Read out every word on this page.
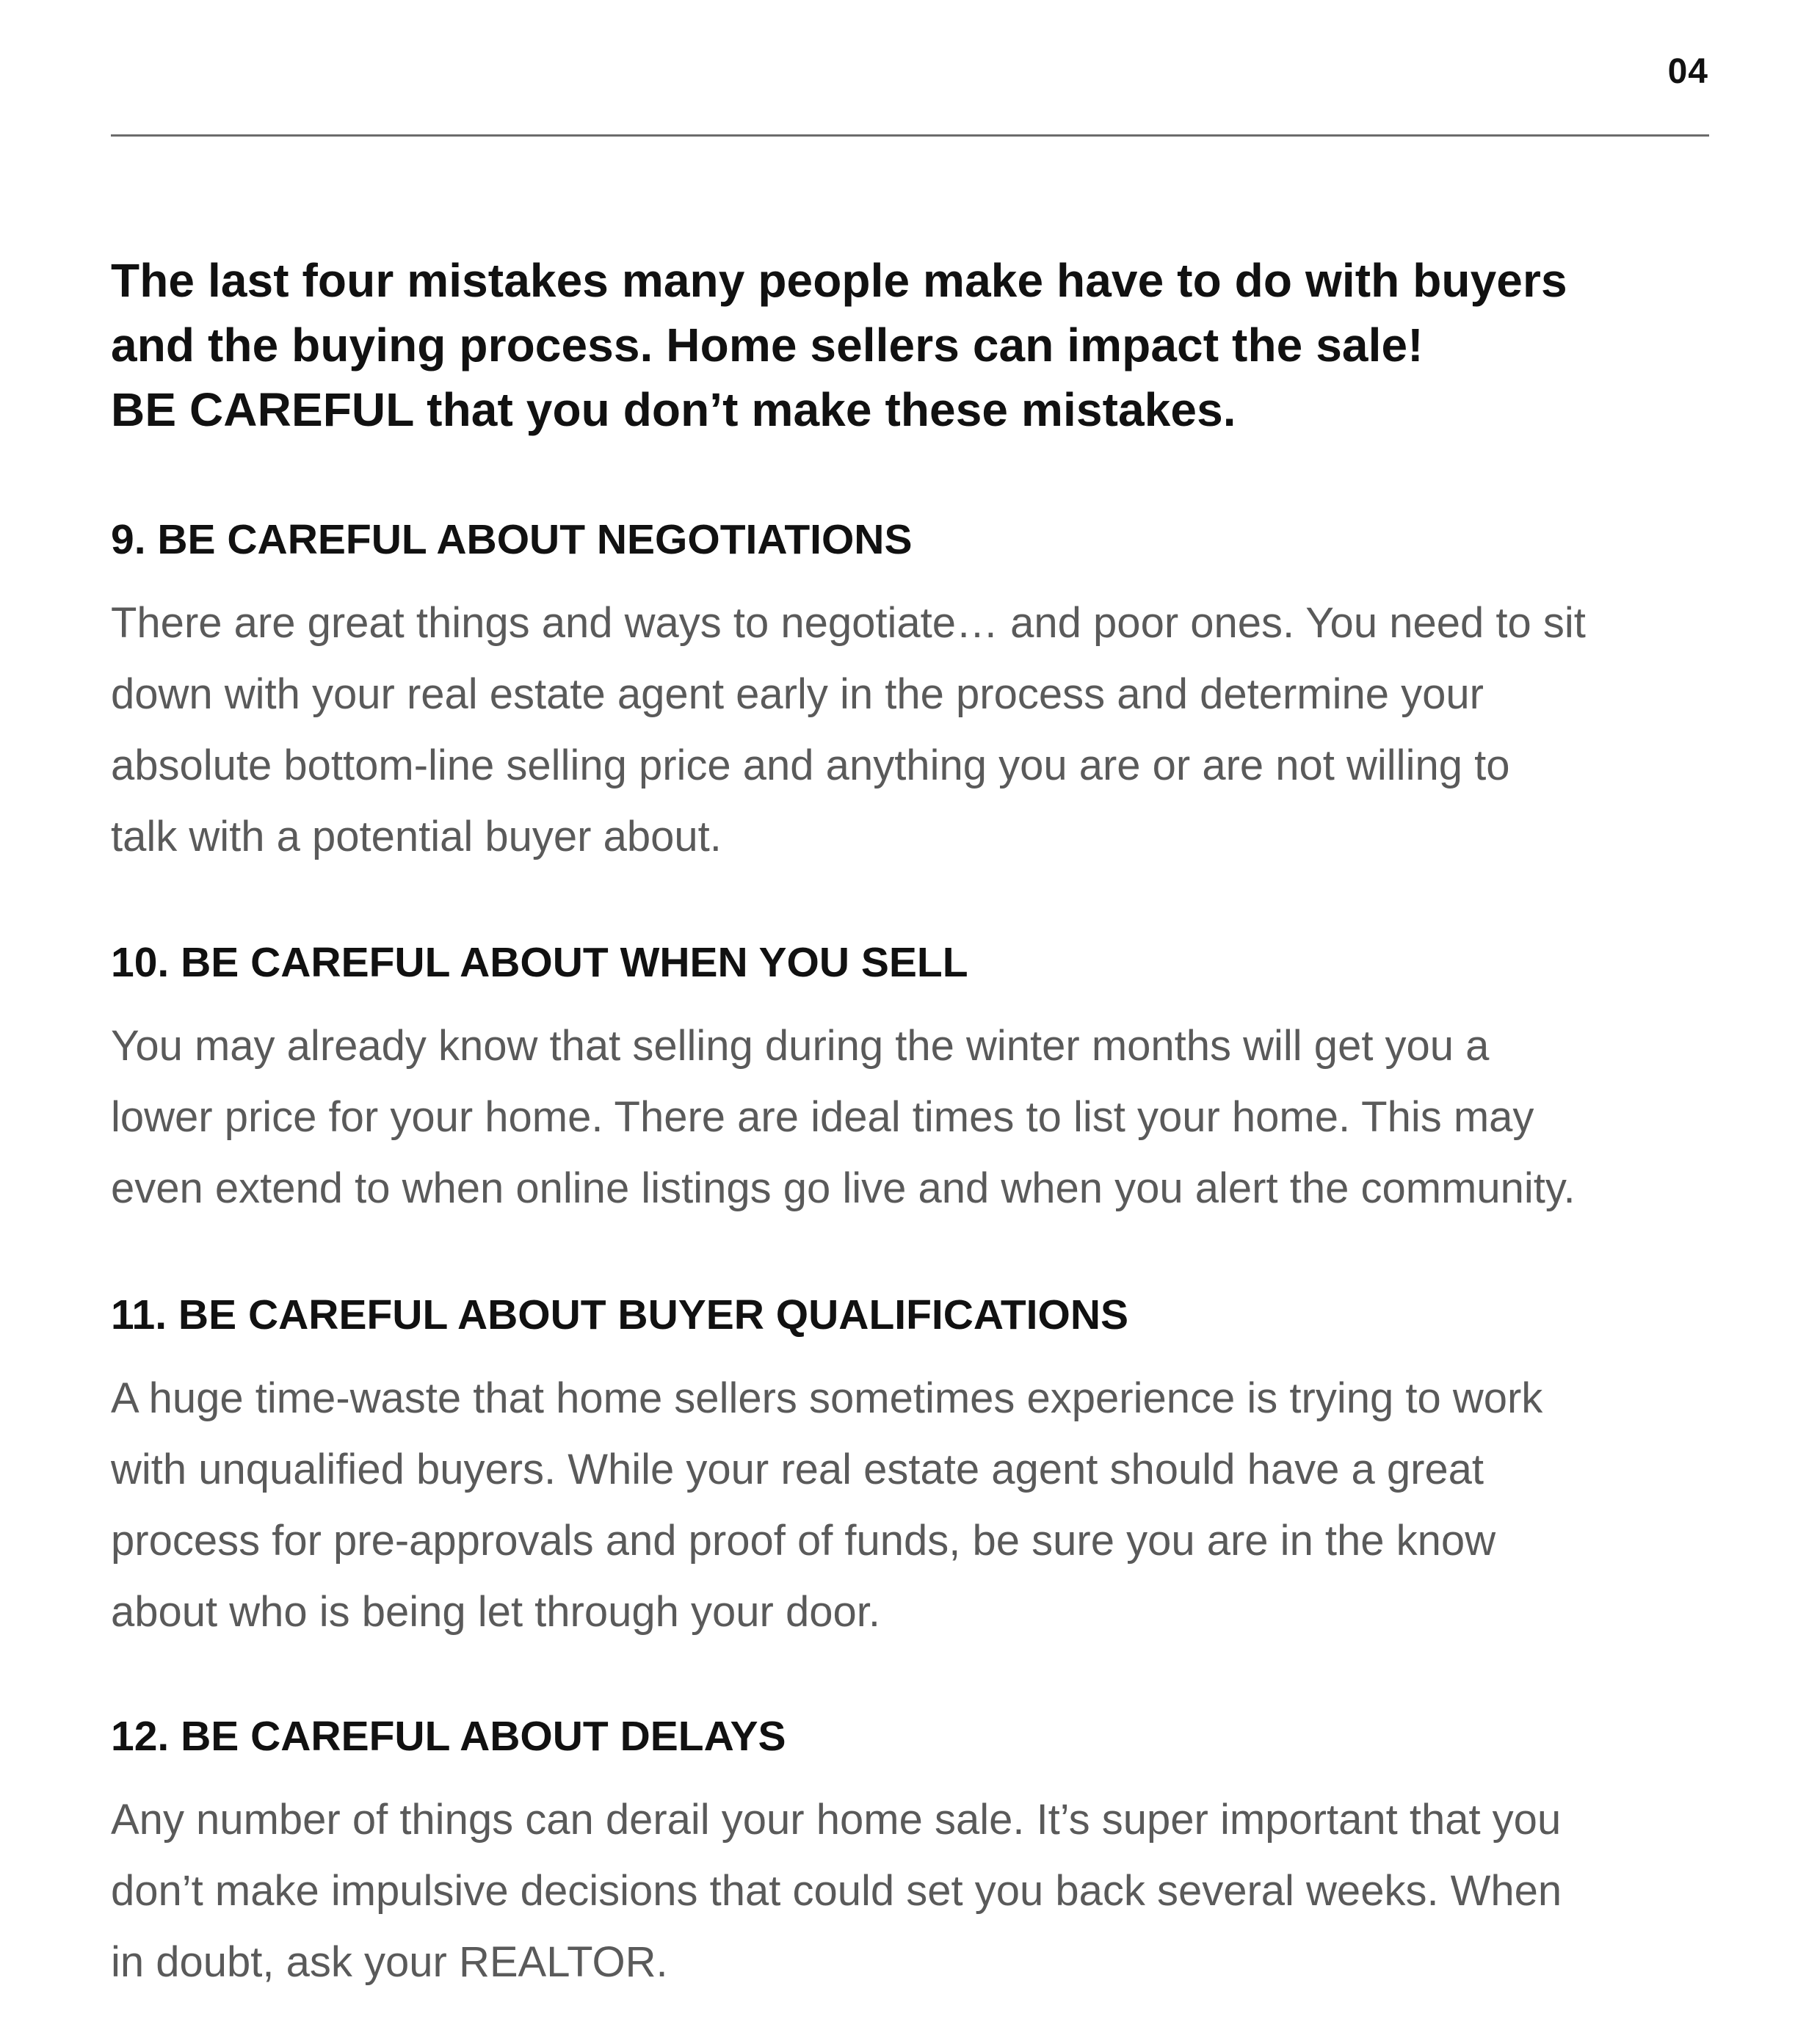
04

The last four mistakes many people make have to do with buyers
and the buying process. Home sellers can impact the sale!
BE CAREFUL that you don’t make these mistakes.

9. BE CAREFUL ABOUT NEGOTIATIONS

There are great things and ways to negotiate… and poor ones. You need to sit
down with your real estate agent early in the process and determine your
absolute bottom-line selling price and anything you are or are not willing to
talk with a potential buyer about.

10. BE CAREFUL ABOUT WHEN YOU SELL

You may already know that selling during the winter months will get you a
lower price for your home. There are ideal times to list your home. This may
even extend to when online listings go live and when you alert the community.

11. BE CAREFUL ABOUT BUYER QUALIFICATIONS

A huge time-waste that home sellers sometimes experience is trying to work
with unqualified buyers. While your real estate agent should have a great
process for pre-approvals and proof of funds, be sure you are in the know
about who is being let through your door.

12. BE CAREFUL ABOUT DELAYS

Any number of things can derail your home sale. It’s super important that you
don’t make impulsive decisions that could set you back several weeks. When
in doubt, ask your REALTOR.
